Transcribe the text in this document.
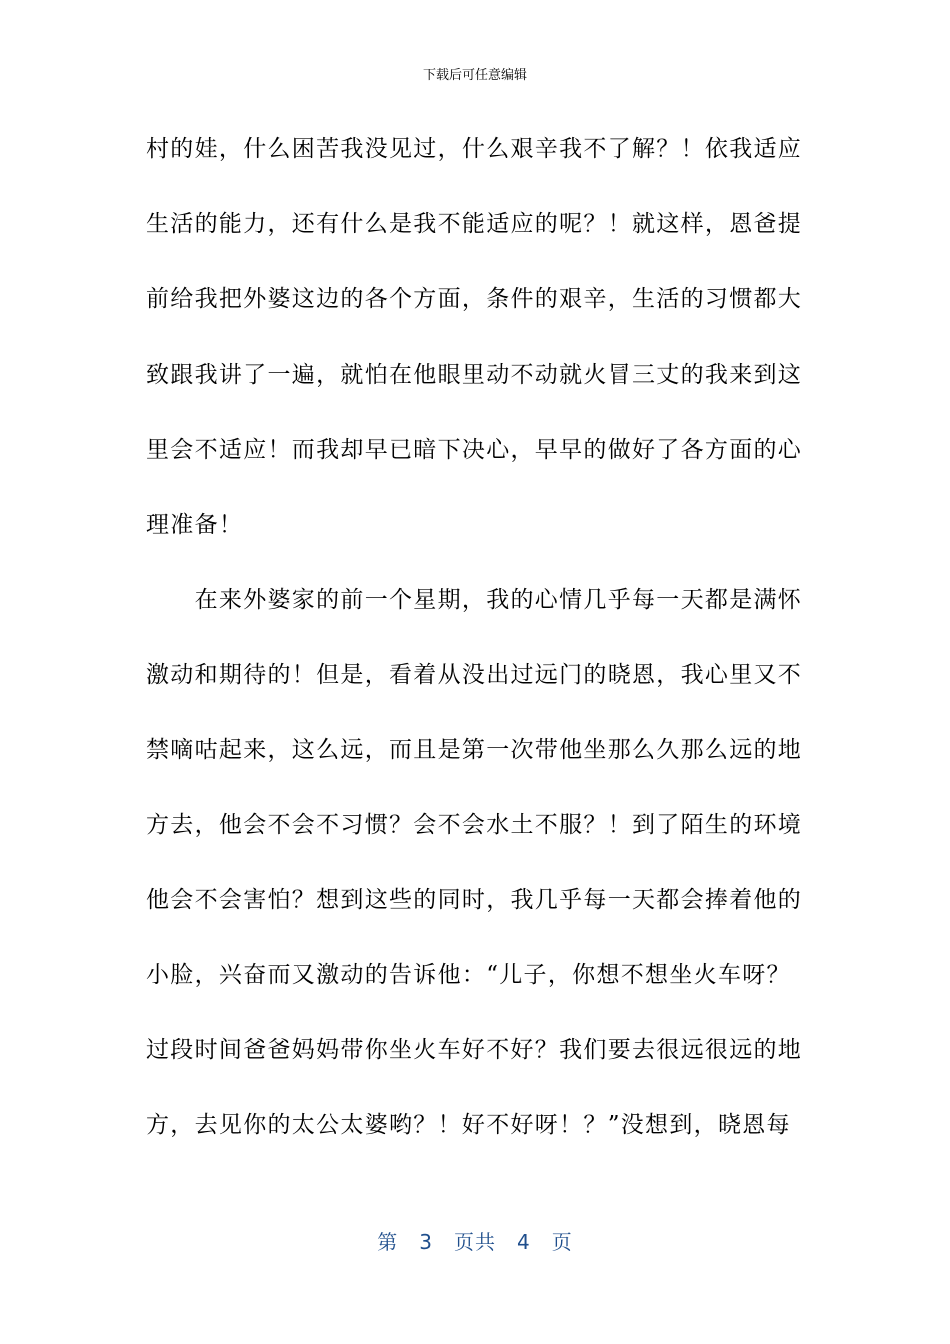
下载后可任意编辑
村的娃，什么困苦我没见过，什么艰辛我不了解？！依我适应
生活的能力，还有什么是我不能适应的呢？！就这样，恩爸提
前给我把外婆这边的各个方面，条件的艰辛，生活的习惯都大
致跟我讲了一遍，就怕在他眼里动不动就火冒三丈的我来到这
里会不适应！而我却早已暗下决心，早早的做好了各方面的心
理准备！
　　在来外婆家的前一个星期，我的心情几乎每一天都是满怀
激动和期待的！但是，看着从没出过远门的晓恩，我心里又不
禁嘀咕起来，这么远，而且是第一次带他坐那么久那么远的地
方去，他会不会不习惯？会不会水土不服？！到了陌生的环境
他会不会害怕？想到这些的同时，我几乎每一天都会捧着他的
小脸，兴奋而又激动的告诉他：“儿子，你想不想坐火车呀？
过段时间爸爸妈妈带你坐火车好不好？我们要去很远很远的地
方，去见你的太公太婆哟？！好不好呀！？”没想到，晓恩每
第　3　页共　4　页
